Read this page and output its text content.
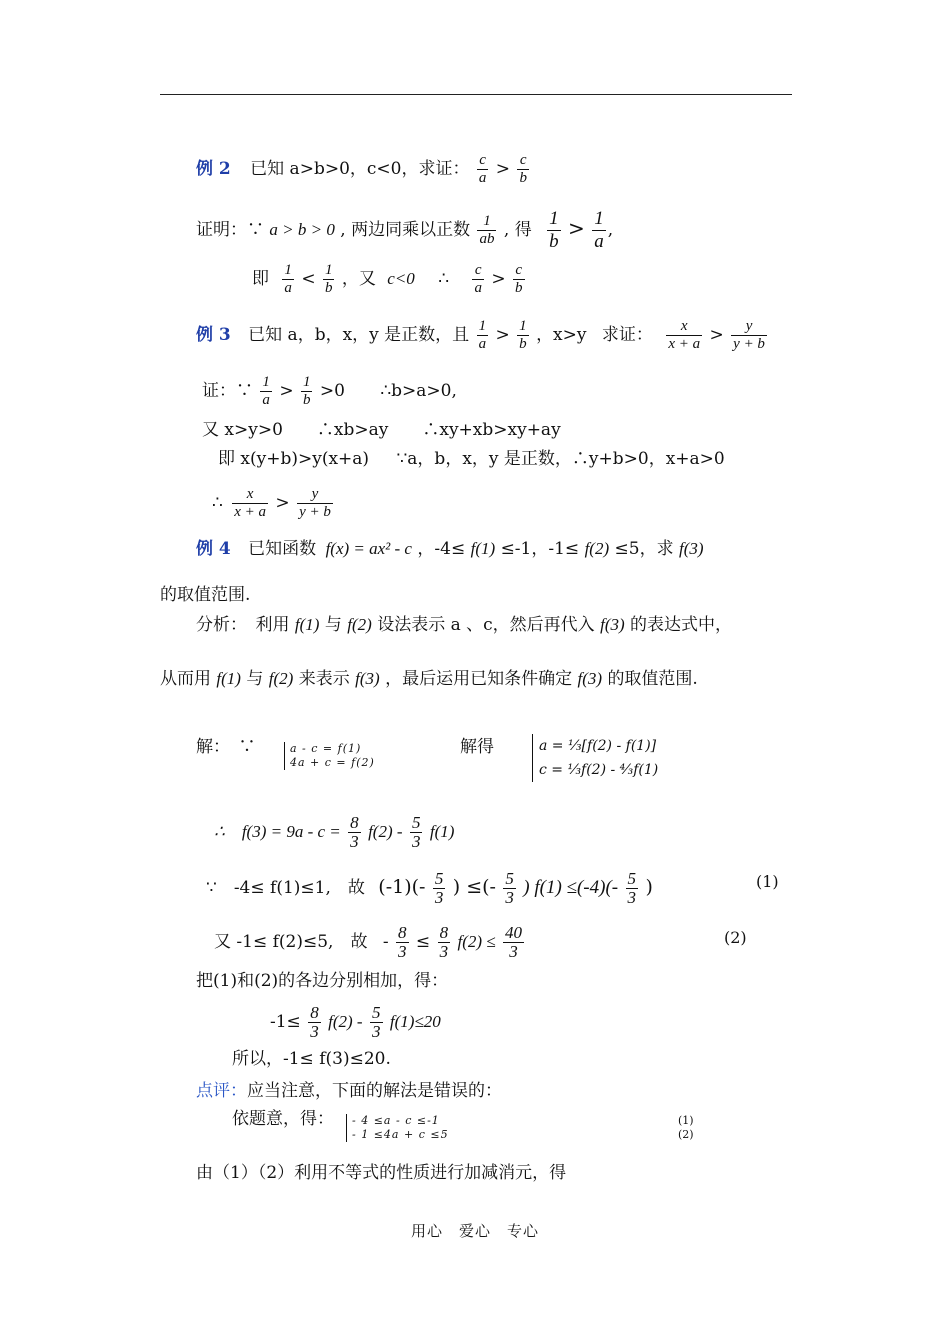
例 2 已知 a>b>0，c<0，求证： $\frac{c}{a} > \frac{c}{b}$
证明：∵ a > b > 0 , 两边同乘以正数 $\frac{1}{ab}$ , 得 $\frac{1}{b} > \frac{1}{a}$ ,
即 $\frac{1}{a} < \frac{1}{b}$ ，又 c<0 ∴ $\frac{c}{a} > \frac{c}{b}$
例 3 已知 a，b，x，y 是正数，且 $\frac{1}{a} > \frac{1}{b}$ ，x>y 求证： $\frac{x}{x + a} > \frac{y}{y + b}$
证：∵ $\frac{1}{a} > \frac{1}{b} >0$ ∴b>a>0,
又 x>y>0　　∴xb>ay　　∴xy+xb>xy+ay
即 x(y+b)>y(x+a) ∵a，b，x，y 是正数，∴y+b>0，x+a>0
∴ $\frac{x}{x + a} > \frac{y}{y + b}$
例 4 已知函数 f(x) = ax² - c ，-4≤ f(1) ≤-1，-1≤ f(2) ≤5，求 f(3)
的取值范围.
分析：　利用 f(1) 与 f(2) 设法表示 a 、c，然后再代入 f(3) 的表达式中，
从而用 f(1) 与 f(2) 来表示 f(3) ，最后运用已知条件确定 f(3) 的取值范围.
解：　∵	a - c = f(1)
4a + c = f(2)
解得	a = ⅓[f(2) - f(1)]
c = ⅓f(2) - ⁴⁄₃f(1)
∴　$f(3) = 9a - c = \frac{8}{3} f(2) - \frac{5}{3} f(1)$
∵　-4≤ f(1)≤1,　故 $(-1)(- \frac{5}{3}$ ) ≤(- $\frac{5}{3}$ ) $f(1) \le(-4)(- \frac{5}{3}$ )	(1)
又 -1≤ f(2)≤5,　故 - $\frac{8}{3} \le \frac{8}{3} f(2) \le \frac{40}{3}$	(2)
把(1)和(2)的各边分别相加，得：
$-1\le \frac{8}{3} f(2) - \frac{5}{3} f(1)\le 20$
所以，-1≤ f(3)≤20.
点评：应当注意，下面的解法是错误的：
依题意，得： - 4 ≤a - c ≤-1
- 1 ≤4a + c ≤5
(1)
(2)
由（1）（2）利用不等式的性质进行加减消元，得
用心　爱心　专心
